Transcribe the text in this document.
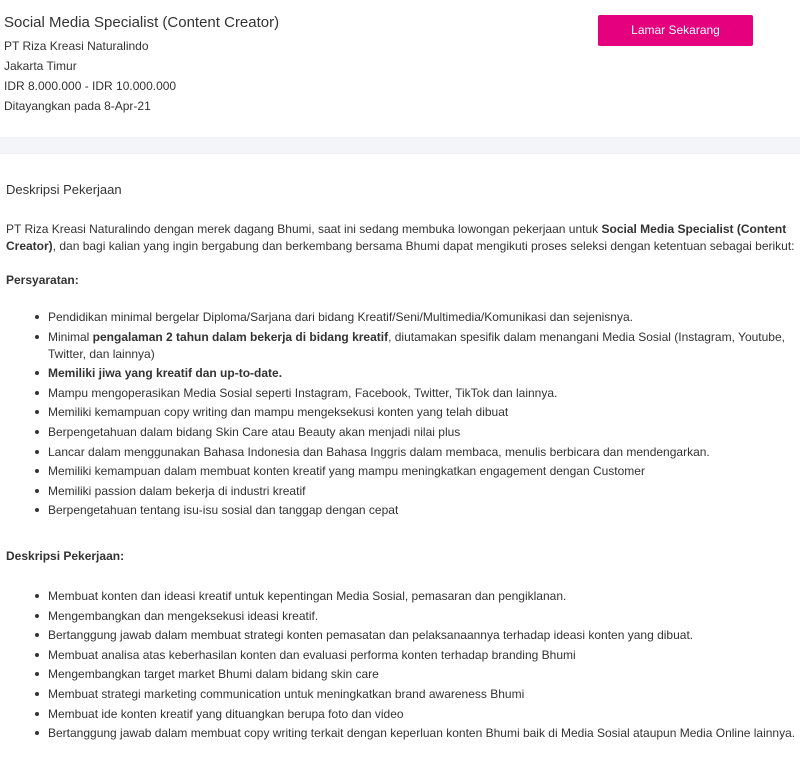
Social Media Specialist (Content Creator)
PT Riza Kreasi Naturalindo
Jakarta Timur
IDR 8.000.000 - IDR 10.000.000
Ditayangkan pada 8-Apr-21
Lamar Sekarang
Deskripsi Pekerjaan

PT Riza Kreasi Naturalindo dengan merek dagang Bhumi, saat ini sedang membuka lowongan pekerjaan untuk Social Media Specialist (Content Creator), dan bagi kalian yang ingin bergabung dan berkembang bersama Bhumi dapat mengikuti proses seleksi dengan ketentuan sebagai berikut:

Persyaratan:
Pendidikan minimal bergelar Diploma/Sarjana dari bidang Kreatif/Seni/Multimedia/Komunikasi dan sejenisnya.
Minimal pengalaman 2 tahun dalam bekerja di bidang kreatif, diutamakan spesifik dalam menangani Media Sosial (Instagram, Youtube, Twitter, dan lainnya)
Memiliki jiwa yang kreatif dan up-to-date.
Mampu mengoperasikan Media Sosial seperti Instagram, Facebook, Twitter, TikTok dan lainnya.
Memiliki kemampuan copy writing dan mampu mengeksekusi konten yang telah dibuat
Berpengetahuan dalam bidang Skin Care atau Beauty akan menjadi nilai plus
Lancar dalam menggunakan Bahasa Indonesia dan Bahasa Inggris dalam membaca, menulis berbicara dan mendengarkan.
Memiliki kemampuan dalam membuat konten kreatif yang mampu meningkatkan engagement dengan Customer
Memiliki passion dalam bekerja di industri kreatif
Berpengetahuan tentang isu-isu sosial dan tanggap dengan cepat
Deskripsi Pekerjaan:
Membuat konten dan ideasi kreatif untuk kepentingan Media Sosial, pemasaran dan pengiklanan.
Mengembangkan dan mengeksekusi ideasi kreatif.
Bertanggung jawab dalam membuat strategi konten pemasatan dan pelaksanaannya terhadap ideasi konten yang dibuat.
Membuat analisa atas keberhasilan konten dan evaluasi performa konten terhadap branding Bhumi
Mengembangkan target market Bhumi dalam bidang skin care
Membuat strategi marketing communication untuk meningkatkan brand awareness Bhumi
Membuat ide konten kreatif yang dituangkan berupa foto dan video
Bertanggung jawab dalam membuat copy writing terkait dengan keperluan konten Bhumi baik di Media Sosial ataupun Media Online lainnya.
